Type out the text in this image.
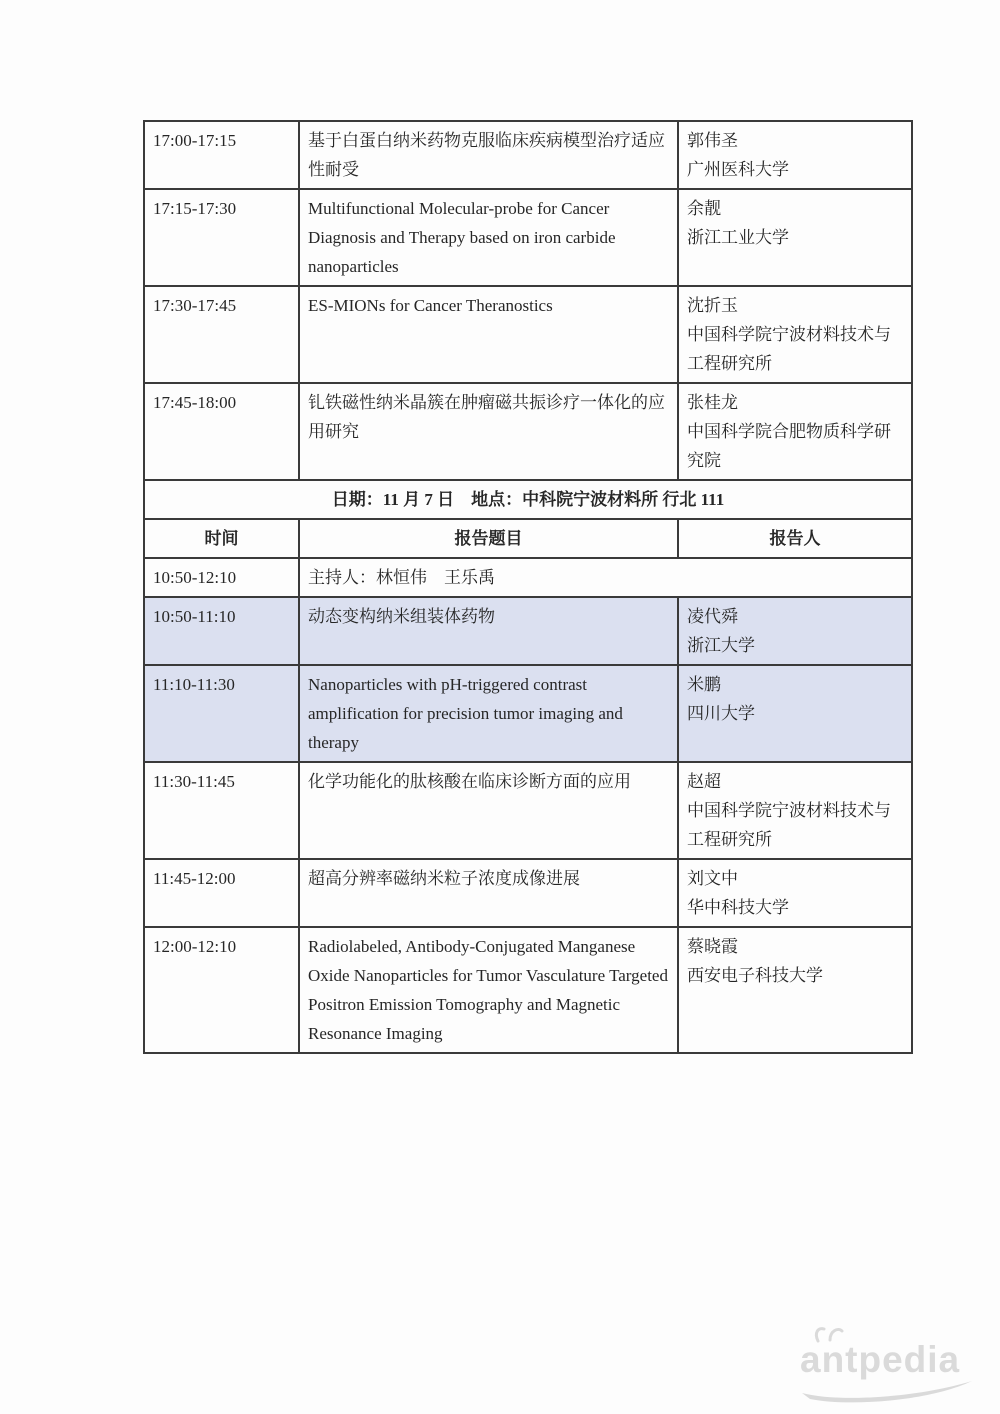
17:00-17:15	基于白蛋白纳米药物克服临床疾病模型治疗适应性耐受	郭伟圣
广州医科大学

17:15-17:30	Multifunctional Molecular-probe for Cancer Diagnosis and Therapy based on iron carbide nanoparticles	余靓
浙江工业大学

17:30-17:45	ES-MIONs for Cancer Theranostics	沈折玉
中国科学院宁波材料技术与工程研究所

17:45-18:00	钆铁磁性纳米晶簇在肿瘤磁共振诊疗一体化的应用研究	张桂龙
中国科学院合肥物质科学研究院

日期：11 月 7 日　地点：中科院宁波材料所 行北 111		
时间	报告题目	报告人
10:50-12:10	主持人：林恒伟　王乐禹	
10:50-11:10	动态变构纳米组装体药物	凌代舜
浙江大学

11:10-11:30	Nanoparticles with pH-triggered contrast amplification for precision tumor imaging and therapy	米鹏
四川大学

11:30-11:45	化学功能化的肽核酸在临床诊断方面的应用	赵超
中国科学院宁波材料技术与工程研究所

11:45-12:00	超高分辨率磁纳米粒子浓度成像进展	刘文中
华中科技大学

12:00-12:10	Radiolabeled, Antibody-Conjugated Manganese Oxide Nanoparticles for Tumor Vasculature Targeted Positron Emission Tomography and Magnetic Resonance Imaging	蔡晓霞
西安电子科技大学
antpedia
